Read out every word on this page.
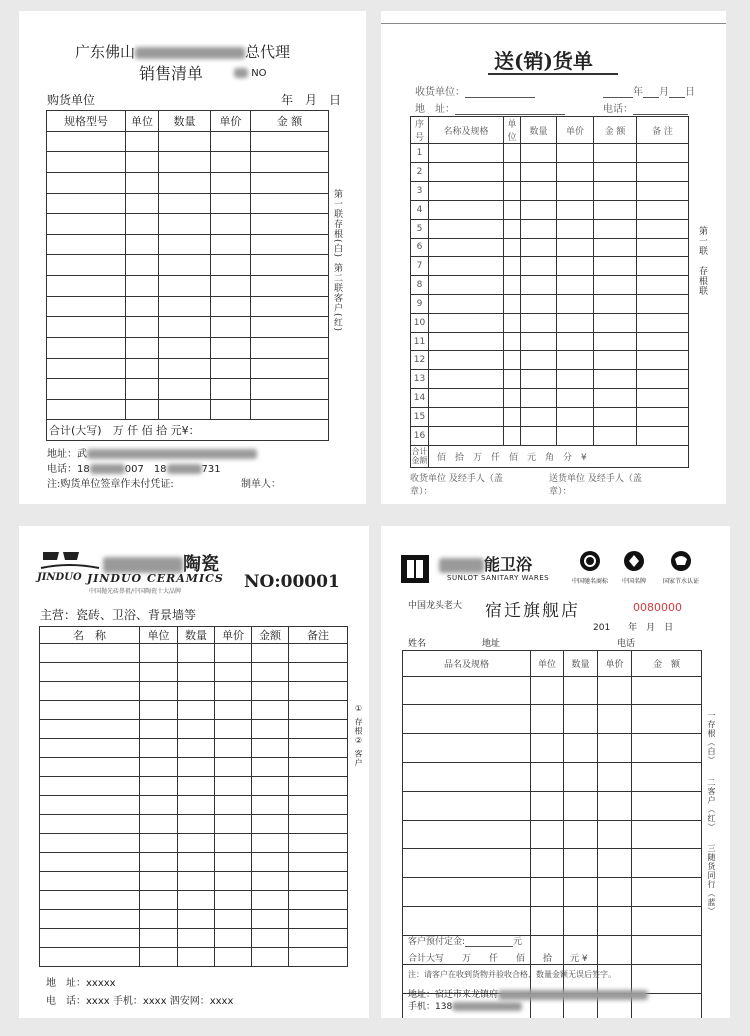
广东佛山	总代理
销售清单	NO
购货单位	年　月　日
规格型号	单位	数量	单价	金 额

合计(大写)　万 仟 佰 拾 元¥：				
第一联存根(白)
第二联客户(红)
地址：武
电话：18	007　18	731
注:购货单位签章作未付凭证:	制单人：
送(销)货单
收货单位：	年 月 日
地　址：	电话：
序号	名称及规格	单位	数量	单价	金 额	备 注
1						
2						
3						
4						
5						
6						
7						
8						
9						
10						
11						
12						
13						
14						
15						
16						
合计金额	佰　拾　万　仟　佰　元　角　分　¥					
第一联　存根联
收货单位 及经手人（盖章）：
送货单位 及经手人（盖章）：
JINDUO
陶瓷
JINDUO CERAMICS
中国抛光砖鼻祖/中国陶瓷十大品牌	NO:00001
主营：瓷砖、卫浴、背景墙等
名　称	单位	数量	单价	金额	备注

① 存根
② 客户
地　址：xxxxx
电　话：xxxx 手机：xxxx 泗安网：xxxx
能卫浴
SUNLOT SANITARY WARES	中国驰名商标	中国名牌	国家节水认证
中国龙头老大 宿迁旗舰店	0080000
201　　年　月　日
姓名	地址	电话
品名及规格	单位	数量	单价	金　额

客户预付定金:	元
合计大写　　 万　　仟　　佰　　拾　　元 ¥
注：请客户在收到货物并验收合格、数量金额无误后签字。
地址：宿迁市来龙镇府
手机：138
一存根（白）
二客户（红）
三随货同行（蓝）
